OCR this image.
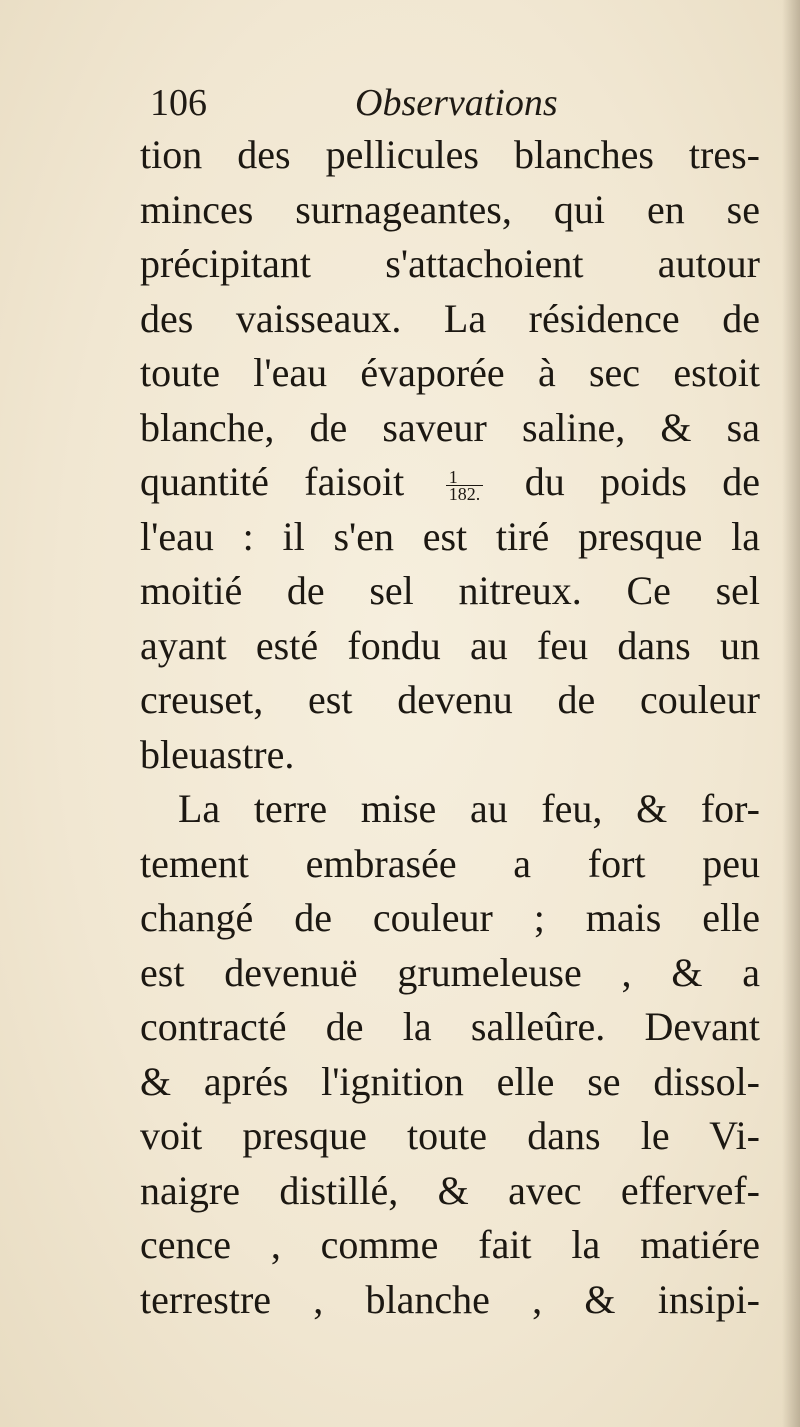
106	Observations
tion des pellicules blanches tres-
minces surnageantes, qui en se
précipitant s'attachoient autour
des vaisseaux. La résidence de
toute l'eau évaporée à sec estoit
blanche, de saveur saline, & sa
quantité faisoit $\frac{1}{182.}$ du poids de
l'eau : il s'en est tiré presque la
moitié de sel nitreux. Ce sel
ayant esté fondu au feu dans un
creuset, est devenu de couleur
bleuastre.
La terre mise au feu, & for-
tement embrasée a fort peu
changé de couleur ; mais elle
est devenuë grumeleuse , & a
contracté de la salleûre. Devant
& aprés l'ignition elle se dissol-
voit presque toute dans le Vi-
naigre distillé, & avec effervef-
cence , comme fait la matiére
terrestre , blanche , & insipi-
